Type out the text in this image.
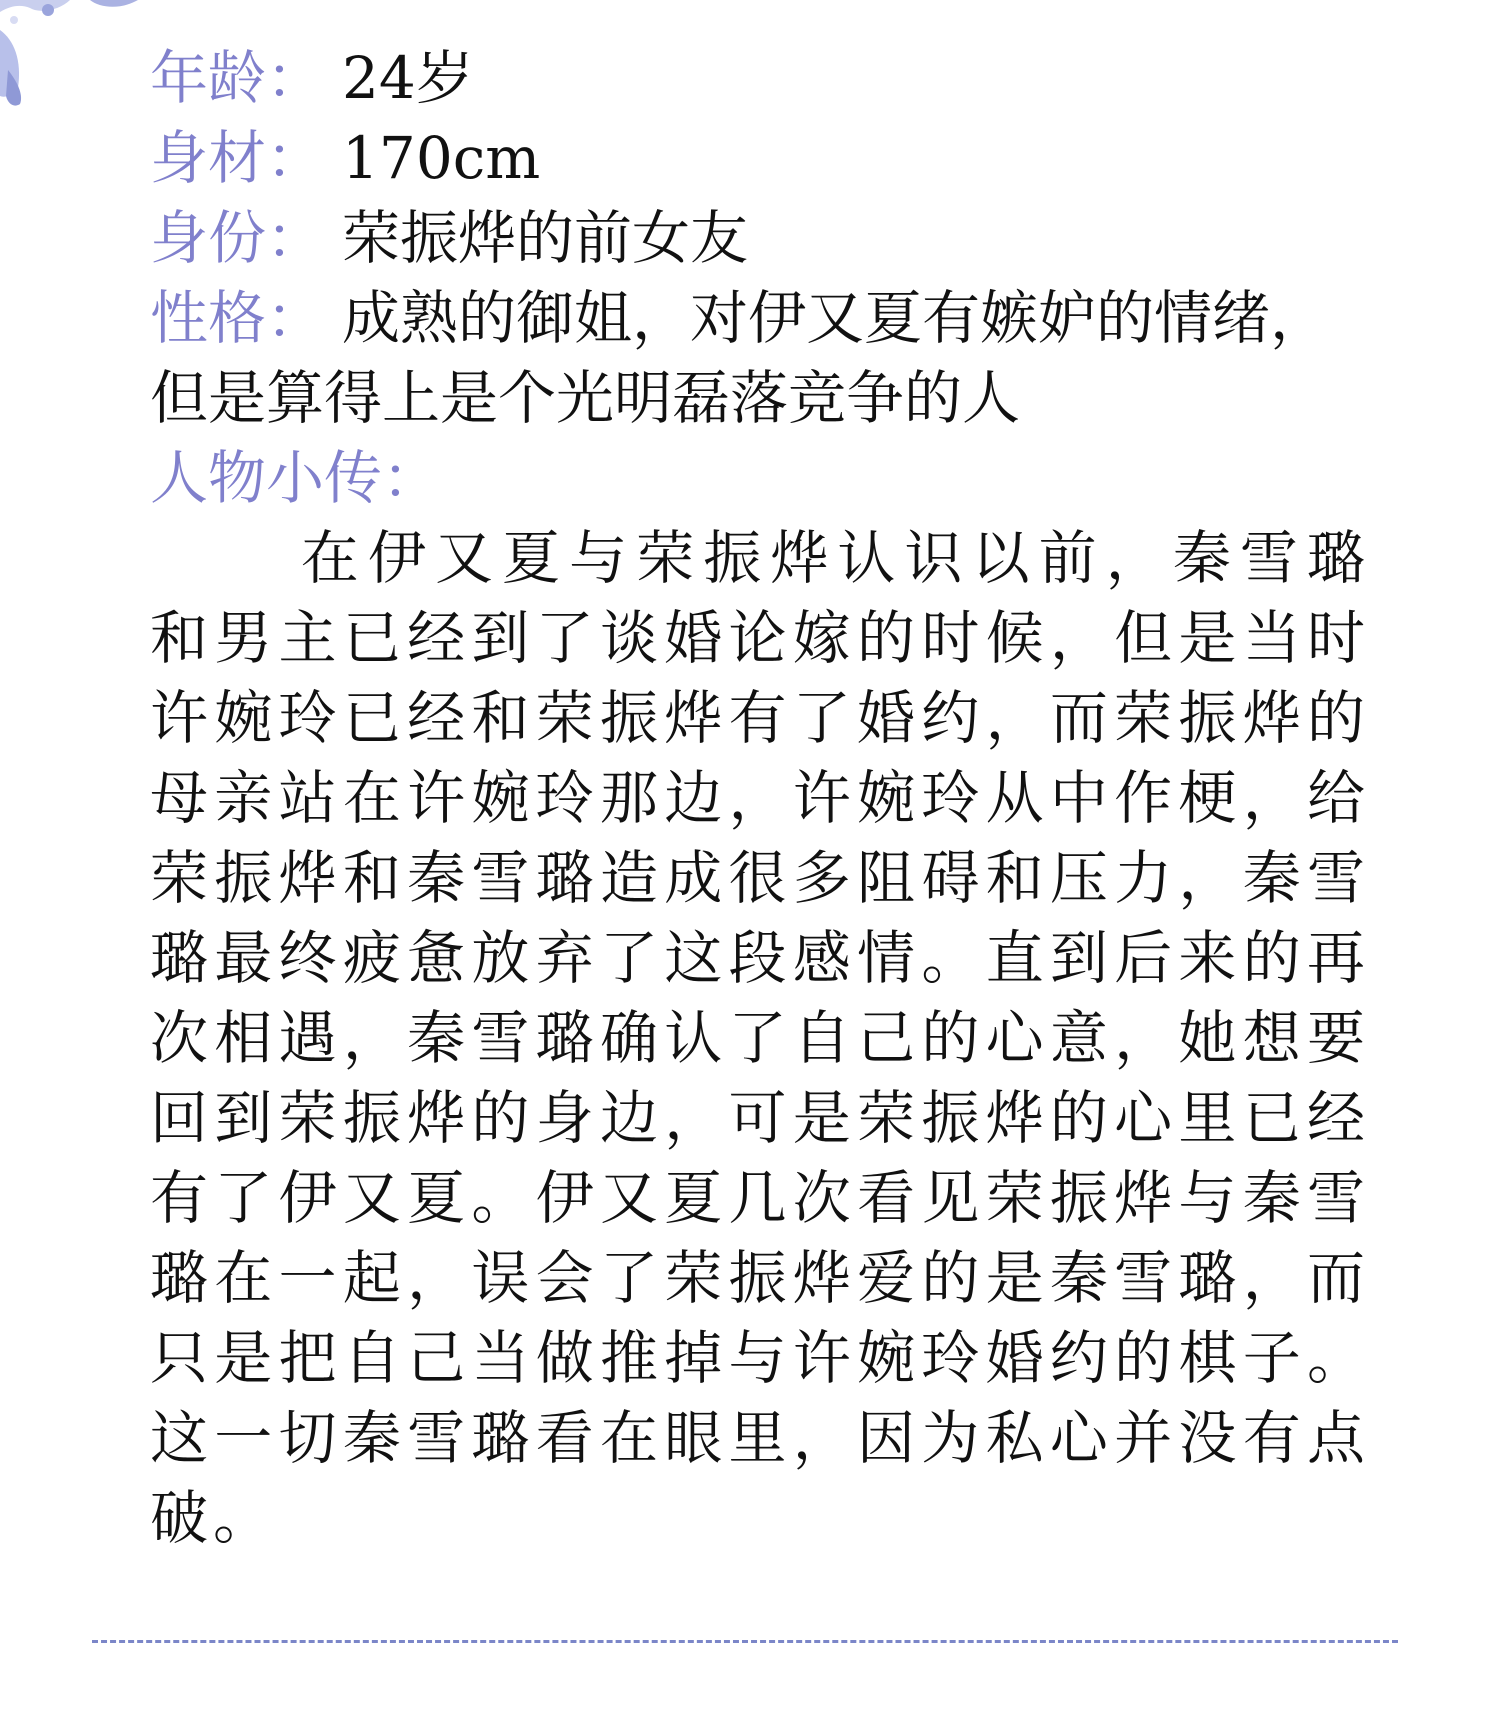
年龄： 24岁

身材： 170cm

身份： 荣振烨的前女友

性格： 成熟的御姐，对伊又夏有嫉妒的情绪，但是算得上是个光明磊落竞争的人

人物小传：

在伊又夏与荣振烨认识以前，秦雪璐和男主已经到了谈婚论嫁的时候，但是当时许婉玲已经和荣振烨有了婚约，而荣振烨的母亲站在许婉玲那边，许婉玲从中作梗，给荣振烨和秦雪璐造成很多阻碍和压力，秦雪璐最终疲惫放弃了这段感情。直到后来的再次相遇，秦雪璐确认了自己的心意，她想要回到荣振烨的身边，可是荣振烨的心里已经有了伊又夏。伊又夏几次看见荣振烨与秦雪璐在一起，误会了荣振烨爱的是秦雪璐，而只是把自己当做推掉与许婉玲婚约的棋子。这一切秦雪璐看在眼里，因为私心并没有点破。
